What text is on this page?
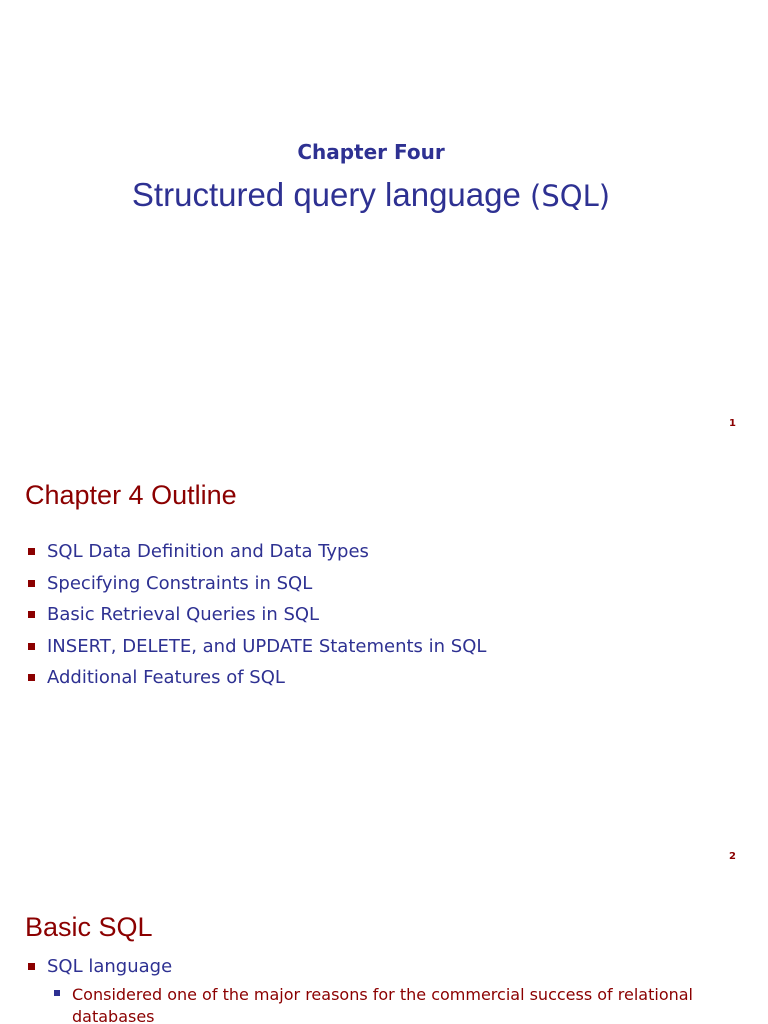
Chapter Four
Structured query language (SQL)
1
Chapter 4 Outline
SQL Data Definition and Data Types
Specifying Constraints in SQL
Basic Retrieval Queries in SQL
INSERT, DELETE, and UPDATE Statements in SQL
Additional Features of SQL
2
Basic SQL
SQL language
Considered one of the major reasons for the commercial success of relational databases
